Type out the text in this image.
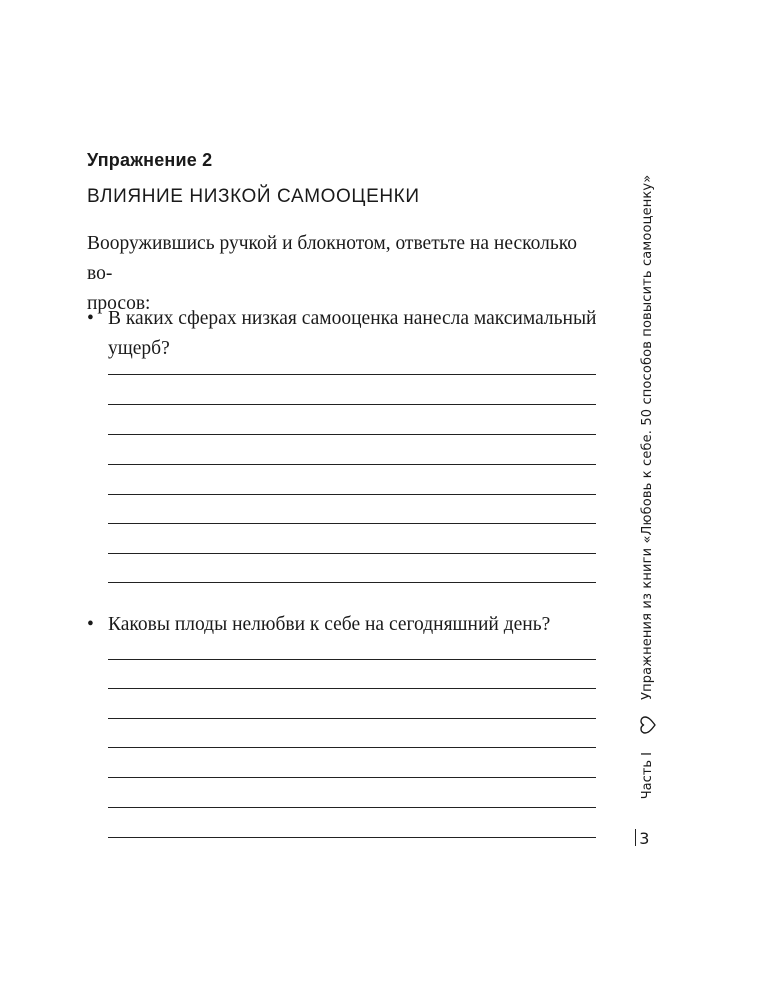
Упражнение 2
ВЛИЯНИЕ НИЗКОЙ САМООЦЕНКИ
Вооружившись ручкой и блокнотом, ответьте на несколько во-
просов:
• В каких сферах низкая самооценка нанесла максимальный
ущерб?
• Каковы плоды нелюбви к себе на сегодняшний день?	Упражнения из книги «Любовь к себе. 50 способов повысить самооценку»
Часть I
3
